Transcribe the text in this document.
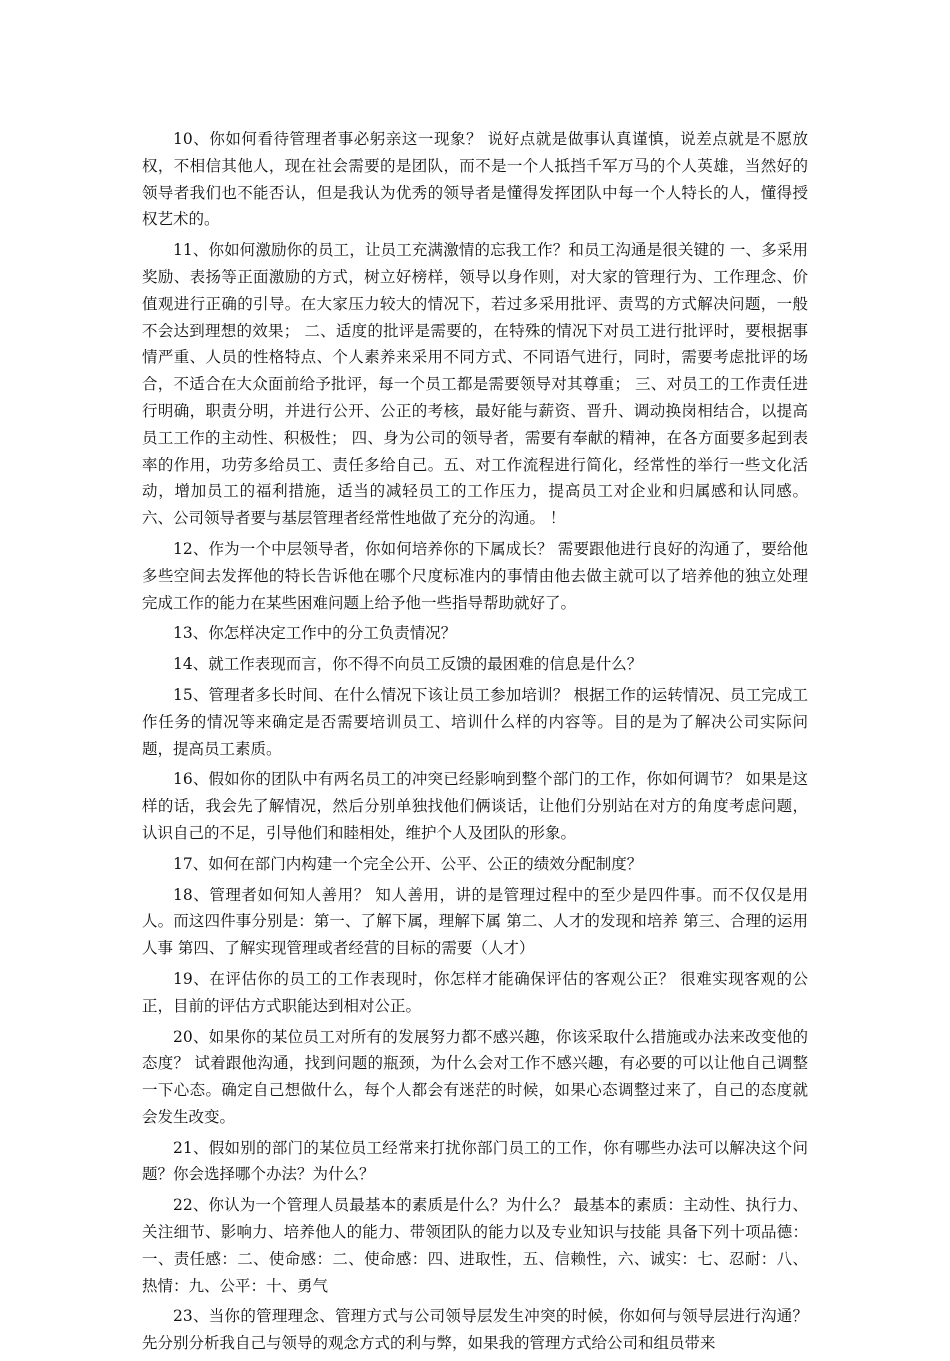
10、你如何看待管理者事必躬亲这一现象？ 说好点就是做事认真谨慎，说差点就是不愿放权，不相信其他人，现在社会需要的是团队，而不是一个人抵挡千军万马的个人英雄，当然好的领导者我们也不能否认，但是我认为优秀的领导者是懂得发挥团队中每一个人特长的人，懂得授权艺术的。

11、你如何激励你的员工，让员工充满激情的忘我工作？和员工沟通是很关键的 一、多采用奖励、表扬等正面激励的方式，树立好榜样，领导以身作则，对大家的管理行为、工作理念、价值观进行正确的引导。在大家压力较大的情况下，若过多采用批评、责骂的方式解决问题，一般不会达到理想的效果； 二、适度的批评是需要的，在特殊的情况下对员工进行批评时，要根据事情严重、人员的性格特点、个人素养来采用不同方式、不同语气进行，同时，需要考虑批评的场合，不适合在大众面前给予批评，每一个员工都是需要领导对其尊重； 三、对员工的工作责任进行明确，职责分明，并进行公开、公正的考核，最好能与薪资、晋升、调动换岗相结合，以提高员工工作的主动性、积极性； 四、身为公司的领导者，需要有奉献的精神，在各方面要多起到表率的作用，功劳多给员工、责任多给自己。五、对工作流程进行简化，经常性的举行一些文化活动，增加员工的福利措施，适当的减轻员工的工作压力，提高员工对企业和归属感和认同感。 六、公司领导者要与基层管理者经常性地做了充分的沟通。 ！

12、作为一个中层领导者，你如何培养你的下属成长？ 需要跟他进行良好的沟通了，要给他多些空间去发挥他的特长告诉他在哪个尺度标准内的事情由他去做主就可以了培养他的独立处理完成工作的能力在某些困难问题上给予他一些指导帮助就好了。

13、你怎样决定工作中的分工负责情况？

14、就工作表现而言，你不得不向员工反馈的最困难的信息是什么？

15、管理者多长时间、在什么情况下该让员工参加培训？ 根据工作的运转情况、员工完成工作任务的情况等来确定是否需要培训员工、培训什么样的内容等。目的是为了解决公司实际问题，提高员工素质。

16、假如你的团队中有两名员工的冲突已经影响到整个部门的工作，你如何调节？ 如果是这样的话，我会先了解情况，然后分别单独找他们俩谈话，让他们分别站在对方的角度考虑问题，认识自己的不足，引导他们和睦相处，维护个人及团队的形象。

17、如何在部门内构建一个完全公开、公平、公正的绩效分配制度？

18、管理者如何知人善用？ 知人善用，讲的是管理过程中的至少是四件事。而不仅仅是用人。而这四件事分别是：第一、了解下属，理解下属 第二、人才的发现和培养 第三、合理的运用人事 第四、了解实现管理或者经营的目标的需要（人才）

19、在评估你的员工的工作表现时，你怎样才能确保评估的客观公正？ 很难实现客观的公正，目前的评估方式职能达到相对公正。

20、如果你的某位员工对所有的发展努力都不感兴趣，你该采取什么措施或办法来改变他的态度？ 试着跟他沟通，找到问题的瓶颈，为什么会对工作不感兴趣，有必要的可以让他自己调整一下心态。确定自己想做什么，每个人都会有迷茫的时候，如果心态调整过来了，自己的态度就会发生改变。

21、假如别的部门的某位员工经常来打扰你部门员工的工作，你有哪些办法可以解决这个问题？你会选择哪个办法？为什么？

22、你认为一个管理人员最基本的素质是什么？为什么？ 最基本的素质：主动性、执行力、关注细节、影响力、培养他人的能力、带领团队的能力以及专业知识与技能 具备下列十项品德：一、责任感：二、使命感：二、使命感：四、进取性，五、信赖性，六、诚实：七、忍耐：八、热情：九、公平：十、勇气

23、当你的管理理念、管理方式与公司领导层发生冲突的时候，你如何与领导层进行沟通？ 先分别分析我自己与领导的观念方式的利与弊，如果我的管理方式给公司和组员带来
